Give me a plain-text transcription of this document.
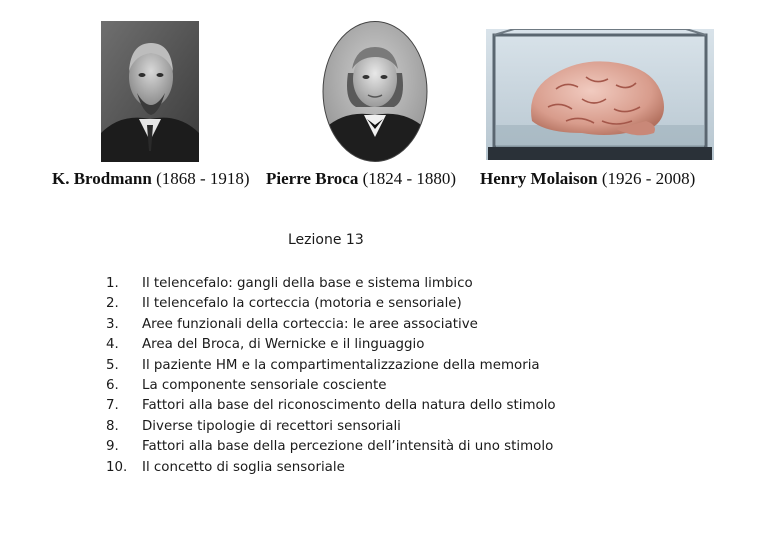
K. Brodmann (1868 - 1918) Pierre Broca (1824 - 1880) Henry Molaison (1926 - 2008)
Lezione 13
1. Il telencefalo: gangli della base e sistema limbico
2. Il telencefalo la corteccia (motoria e sensoriale)
3. Aree funzionali della corteccia: le aree associative
4. Area del Broca, di Wernicke e il linguaggio
5. Il paziente HM e la compartimentalizzazione della memoria
6. La componente sensoriale cosciente
7. Fattori alla base del riconoscimento della natura dello stimolo
8. Diverse tipologie di recettori sensoriali
9. Fattori alla base della percezione dell’intensità di uno stimolo
10. Il concetto di soglia sensoriale
